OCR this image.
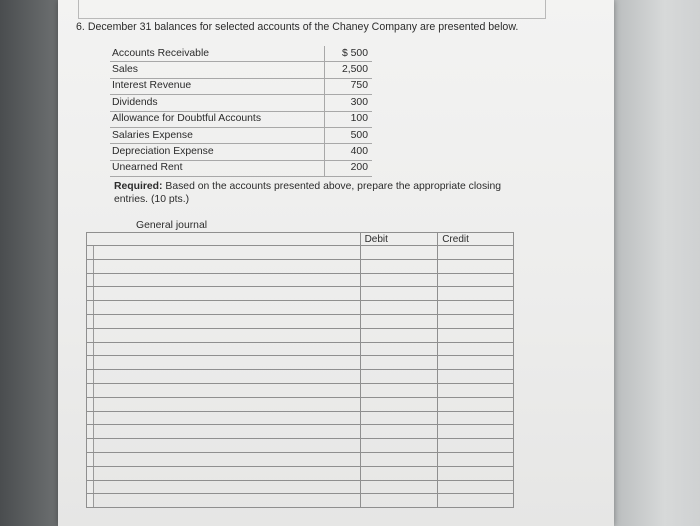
6. December 31 balances for selected accounts of the Chaney Company are presented below.
Accounts Receivable	$ 500
Sales	2,500
Interest Revenue	750
Dividends	300
Allowance for Doubtful Accounts	100
Salaries Expense	500
Depreciation Expense	400
Unearned Rent	200
Required: Based on the accounts presented above, prepare the appropriate closing entries. (10 pts.)
General journal
	Debit	Credit
